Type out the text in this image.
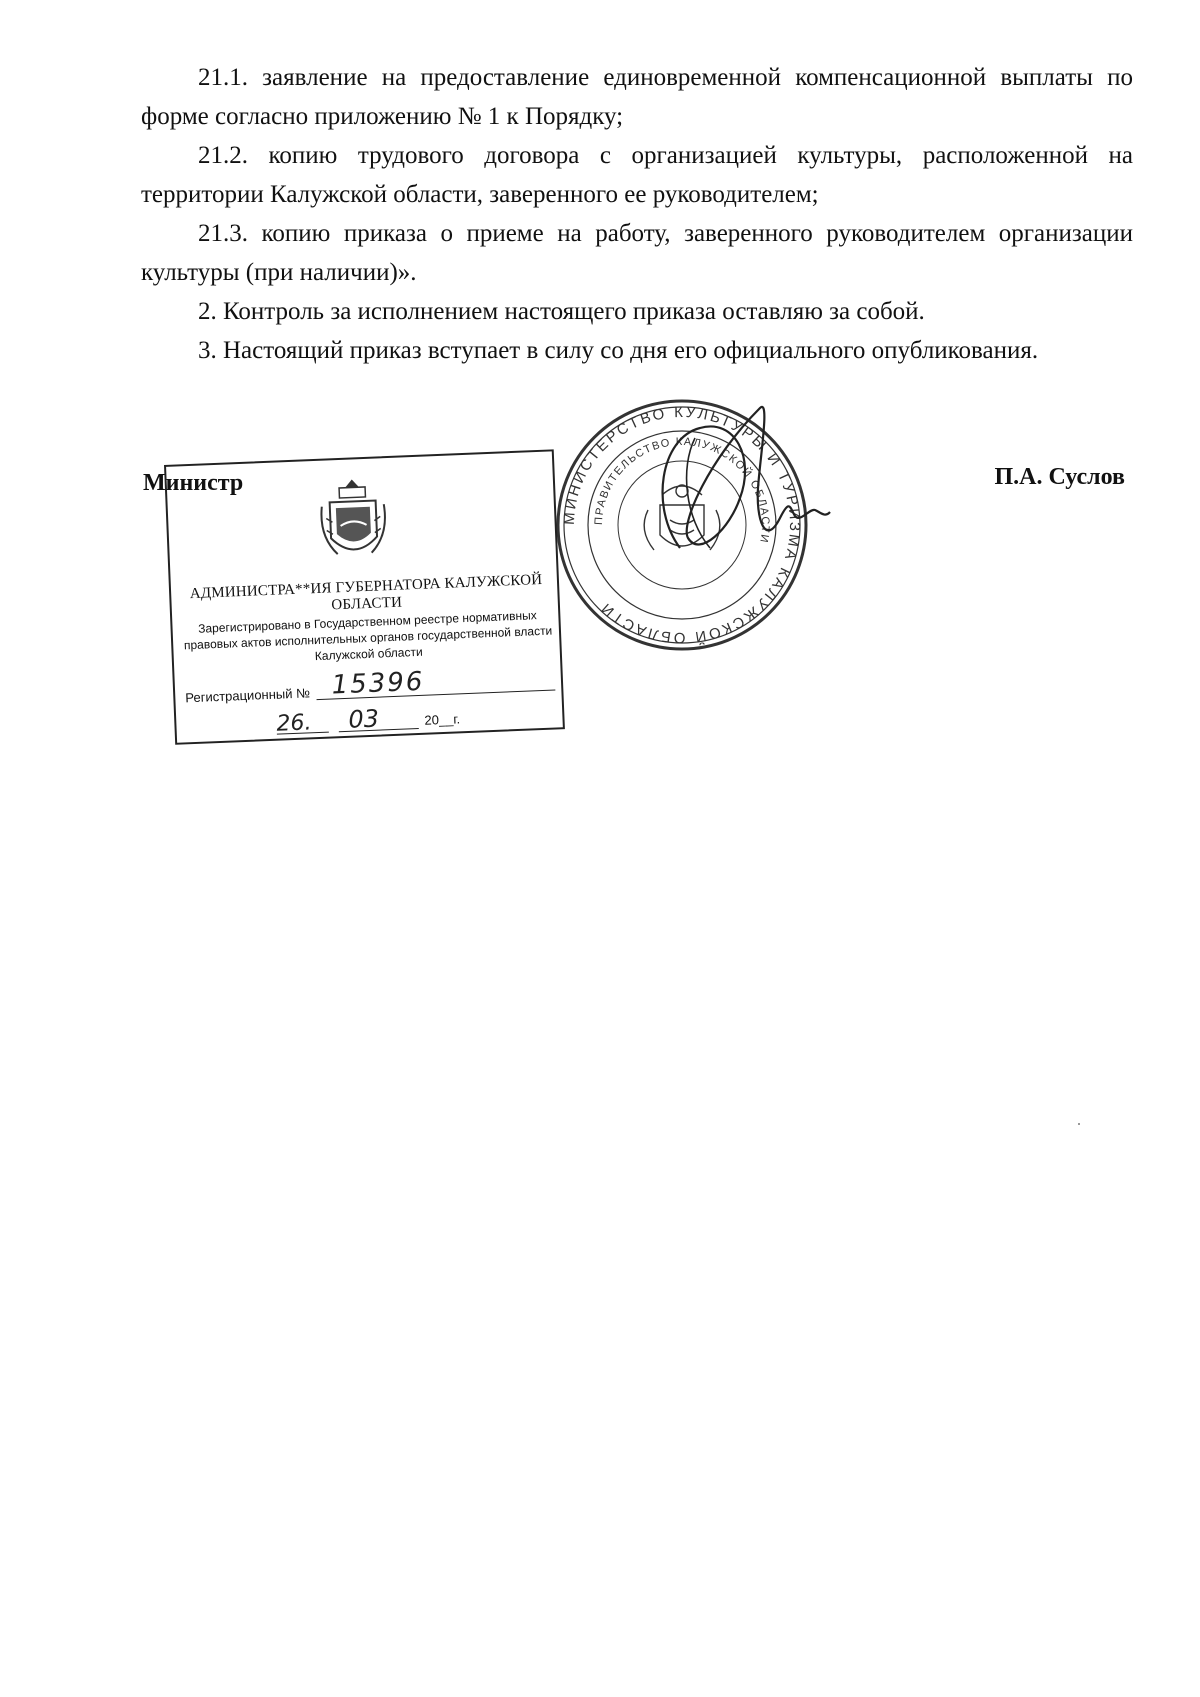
21.1. заявление на предоставление единовременной компенсационной выплаты по форме согласно приложению № 1 к Порядку;

21.2. копию трудового договора с организацией культуры, расположенной на территории Калужской области, заверенного ее руководителем;

21.3. копию приказа о приеме на работу, заверенного руководителем организации культуры (при наличии)».

2. Контроль за исполнением настоящего приказа оставляю за собой.

3. Настоящий приказ вступает в силу со дня его официального опубликования.

МИНИСТЕРСТВО КУЛЬТУРЫ И ТУРИЗМА КАЛУЖСКОЙ ОБЛАСТИ
ПРАВИТЕЛЬСТВО КАЛУЖСКОЙ ОБЛАСТИ
Министр	П.А. Суслов
АДМИНИСТРА**ИЯ ГУБЕРНАТОРА КАЛУЖСКОЙ ОБЛАСТИ
Зарегистрировано в Государственном реестре нормативных правовых актов исполнительных органов государственной власти Калужской области
Регистрационный № 15396
26. 03	20__г.
